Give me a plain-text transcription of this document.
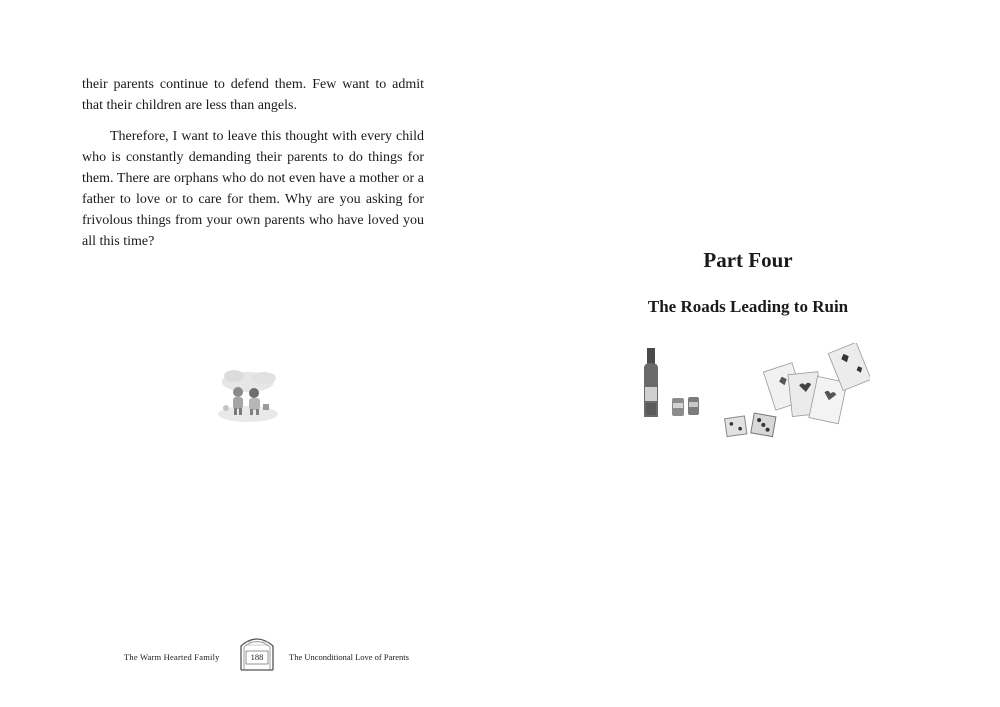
their parents continue to defend them. Few want to admit that their children are less than angels.

Therefore, I want to leave this thought with every child who is constantly demanding their parents to do things for them. There are orphans who do not even have a mother or a father to love or to care for them. Why are you asking for frivolous things from your own parents who have loved you all this time?

The Warm Hearted Family	188	The Unconditional Love of Parents
Part Four
The Roads Leading to Ruin
